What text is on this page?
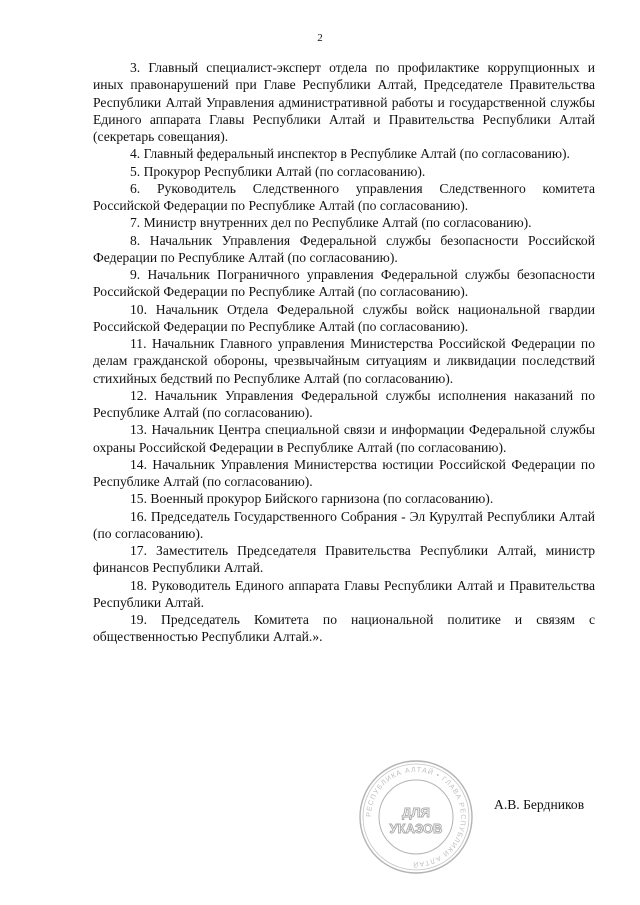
2

3. Главный специалист-эксперт отдела по профилактике коррупционных и иных правонарушений при Главе Республики Алтай, Председателе Правительства Республики Алтай Управления административной работы и государственной службы Единого аппарата Главы Республики Алтай и Правительства Республики Алтай (секретарь совещания).

4. Главный федеральный инспектор в Республике Алтай (по согласованию).

5. Прокурор Республики Алтай (по согласованию).

6. Руководитель Следственного управления Следственного комитета Российской Федерации по Республике Алтай (по согласованию).

7. Министр внутренних дел по Республике Алтай (по согласованию).

8. Начальник Управления Федеральной службы безопасности Российской Федерации по Республике Алтай (по согласованию).

9. Начальник Пограничного управления Федеральной службы безопасности Российской Федерации по Республике Алтай (по согласованию).

10. Начальник Отдела Федеральной службы войск национальной гвардии Российской Федерации по Республике Алтай (по согласованию).

11. Начальник Главного управления Министерства Российской Федерации по делам гражданской обороны, чрезвычайным ситуациям и ликвидации последствий стихийных бедствий по Республике Алтай (по согласованию).

12. Начальник Управления Федеральной службы исполнения наказаний по Республике Алтай (по согласованию).

13. Начальник Центра специальной связи и информации Федеральной службы охраны Российской Федерации в Республике Алтай (по согласованию).

14. Начальник Управления Министерства юстиции Российской Федерации по Республике Алтай (по согласованию).

15. Военный прокурор Бийского гарнизона (по согласованию).

16. Председатель Государственного Собрания - Эл Курултай Республики Алтай (по согласованию).

17. Заместитель Председателя Правительства Республики Алтай, министр финансов Республики Алтай.

18. Руководитель Единого аппарата Главы Республики Алтай и Правительства Республики Алтай.

19. Председатель Комитета по национальной политике и связям с общественностью Республики Алтай.».

РЕСПУБЛИКА АЛТАЙ • ГЛАВА РЕСПУБЛИКИ АЛТАЙ
ДЛЯ
УКАЗОВ
А.В. Бердников
